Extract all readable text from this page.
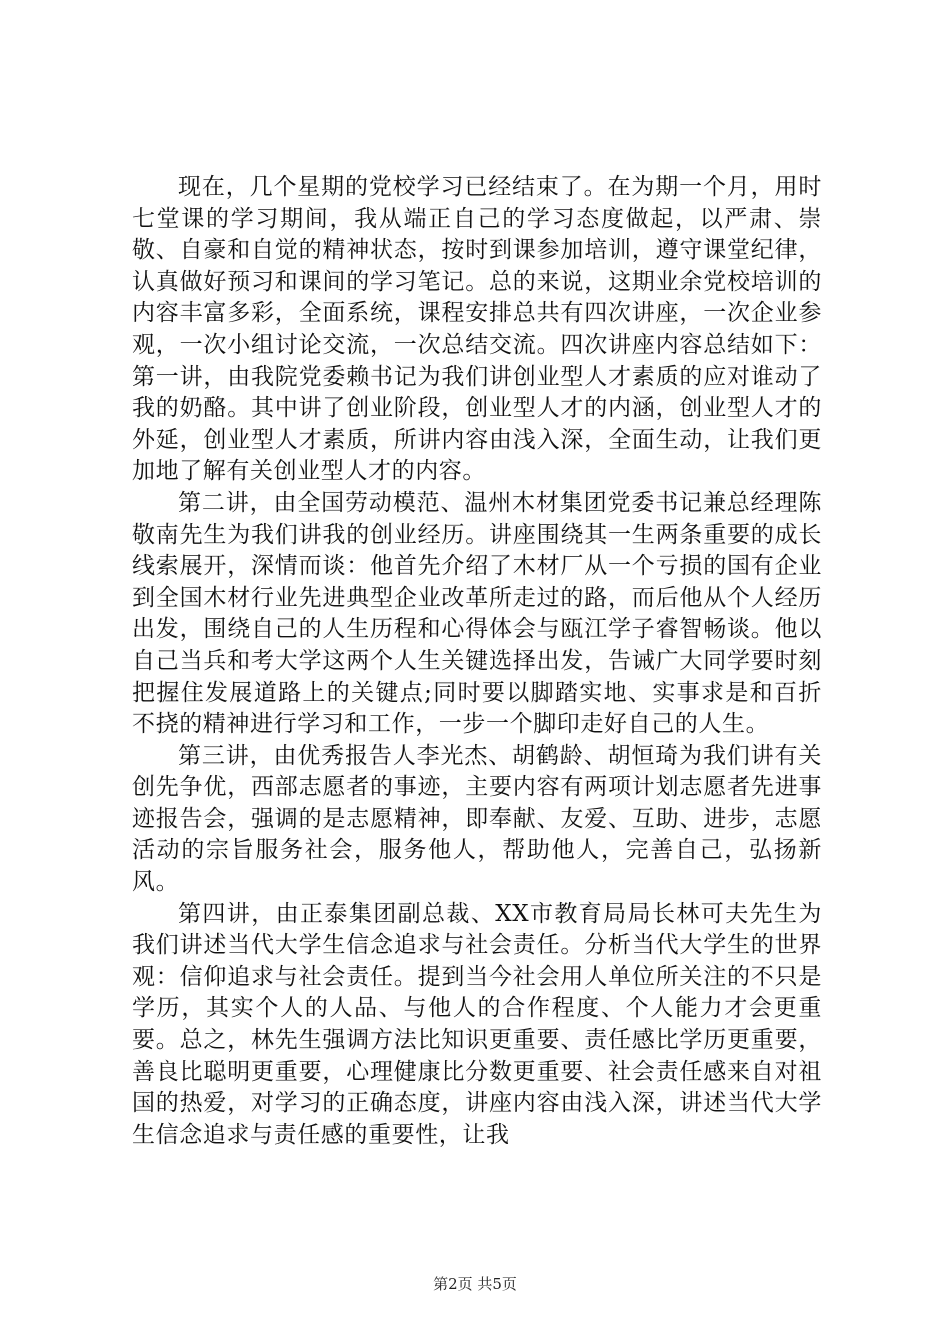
现在，几个星期的党校学习已经结束了。在为期一个月，用时七堂课的学习期间，我从端正自己的学习态度做起，以严肃、崇敬、自豪和自觉的精神状态，按时到课参加培训，遵守课堂纪律，认真做好预习和课间的学习笔记。总的来说，这期业余党校培训的内容丰富多彩，全面系统，课程安排总共有四次讲座，一次企业参观，一次小组讨论交流，一次总结交流。四次讲座内容总结如下：第一讲，由我院党委赖书记为我们讲创业型人才素质的应对谁动了我的奶酪。其中讲了创业阶段，创业型人才的内涵，创业型人才的外延，创业型人才素质，所讲内容由浅入深，全面生动，让我们更加地了解有关创业型人才的内容。

第二讲，由全国劳动模范、温州木材集团党委书记兼总经理陈敬南先生为我们讲我的创业经历。讲座围绕其一生两条重要的成长线索展开，深情而谈：他首先介绍了木材厂从一个亏损的国有企业到全国木材行业先进典型企业改革所走过的路，而后他从个人经历出发，围绕自己的人生历程和心得体会与瓯江学子睿智畅谈。他以自己当兵和考大学这两个人生关键选择出发，告诫广大同学要时刻把握住发展道路上的关键点;同时要以脚踏实地、实事求是和百折不挠的精神进行学习和工作，一步一个脚印走好自己的人生。

第三讲，由优秀报告人李光杰、胡鹤龄、胡恒琦为我们讲有关创先争优，西部志愿者的事迹，主要内容有两项计划志愿者先进事迹报告会，强调的是志愿精神，即奉献、友爱、互助、进步，志愿活动的宗旨服务社会，服务他人，帮助他人，完善自己，弘扬新风。

第四讲，由正泰集团副总裁、XX市教育局局长林可夫先生为我们讲述当代大学生信念追求与社会责任。分析当代大学生的世界观：信仰追求与社会责任。提到当今社会用人单位所关注的不只是学历，其实个人的人品、与他人的合作程度、个人能力才会更重要。总之，林先生强调方法比知识更重要、责任感比学历更重要，善良比聪明更重要，心理健康比分数更重要、社会责任感来自对祖国的热爱，对学习的正确态度，讲座内容由浅入深，讲述当代大学生信念追求与责任感的重要性，让我

第2页 共5页
